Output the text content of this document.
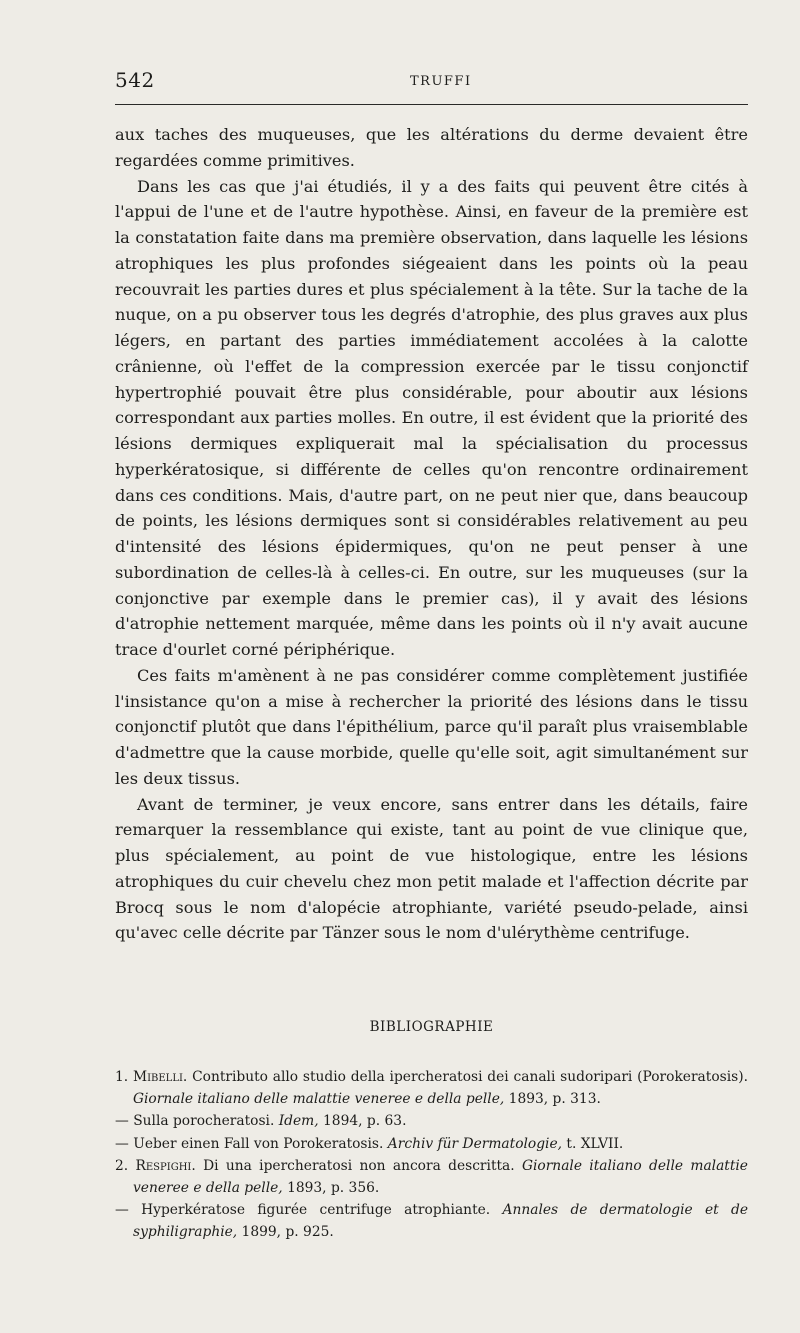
542	TRUFFI

aux taches des muqueuses, que les altérations du derme devaient être regardées comme primitives.

Dans les cas que j'ai étudiés, il y a des faits qui peuvent être cités à l'appui de l'une et de l'autre hypothèse. Ainsi, en faveur de la première est la constatation faite dans ma première observation, dans laquelle les lésions atrophiques les plus profondes siégeaient dans les points où la peau recouvrait les parties dures et plus spécialement à la tête. Sur la tache de la nuque, on a pu observer tous les degrés d'atrophie, des plus graves aux plus légers, en partant des parties immédiatement accolées à la calotte crânienne, où l'effet de la compression exercée par le tissu conjonctif hypertrophié pouvait être plus considérable, pour aboutir aux lésions correspondant aux parties molles. En outre, il est évident que la priorité des lésions dermiques expliquerait mal la spécialisation du processus hyperkératosique, si différente de celles qu'on rencontre ordinairement dans ces conditions. Mais, d'autre part, on ne peut nier que, dans beaucoup de points, les lésions dermiques sont si considérables relativement au peu d'intensité des lésions épidermiques, qu'on ne peut penser à une subordination de celles-là à celles-ci. En outre, sur les muqueuses (sur la conjonctive par exemple dans le premier cas), il y avait des lésions d'atrophie nettement marquée, même dans les points où il n'y avait aucune trace d'ourlet corné périphérique.

Ces faits m'amènent à ne pas considérer comme complètement justifiée l'insistance qu'on a mise à rechercher la priorité des lésions dans le tissu conjonctif plutôt que dans l'épithélium, parce qu'il paraît plus vraisemblable d'admettre que la cause morbide, quelle qu'elle soit, agit simultanément sur les deux tissus.

Avant de terminer, je veux encore, sans entrer dans les détails, faire remarquer la ressemblance qui existe, tant au point de vue clinique que, plus spécialement, au point de vue histologique, entre les lésions atrophiques du cuir chevelu chez mon petit malade et l'affection décrite par Brocq sous le nom d'alopécie atrophiante, variété pseudo-pelade, ainsi qu'avec celle décrite par Tänzer sous le nom d'ulérythème centrifuge.

BIBLIOGRAPHIE

1. Mibelli. Contributo allo studio della ipercheratosi dei canali sudoripari (Porokeratosis). Giornale italiano delle malattie veneree e della pelle, 1893, p. 313.

— Sulla porocheratosi. Idem, 1894, p. 63.

— Ueber einen Fall von Porokeratosis. Archiv für Dermatologie, t. XLVII.

2. Respighi. Di una ipercheratosi non ancora descritta. Giornale italiano delle malattie veneree e della pelle, 1893, p. 356.

— Hyperkératose figurée centrifuge atrophiante. Annales de dermatologie et de syphiligraphie, 1899, p. 925.
